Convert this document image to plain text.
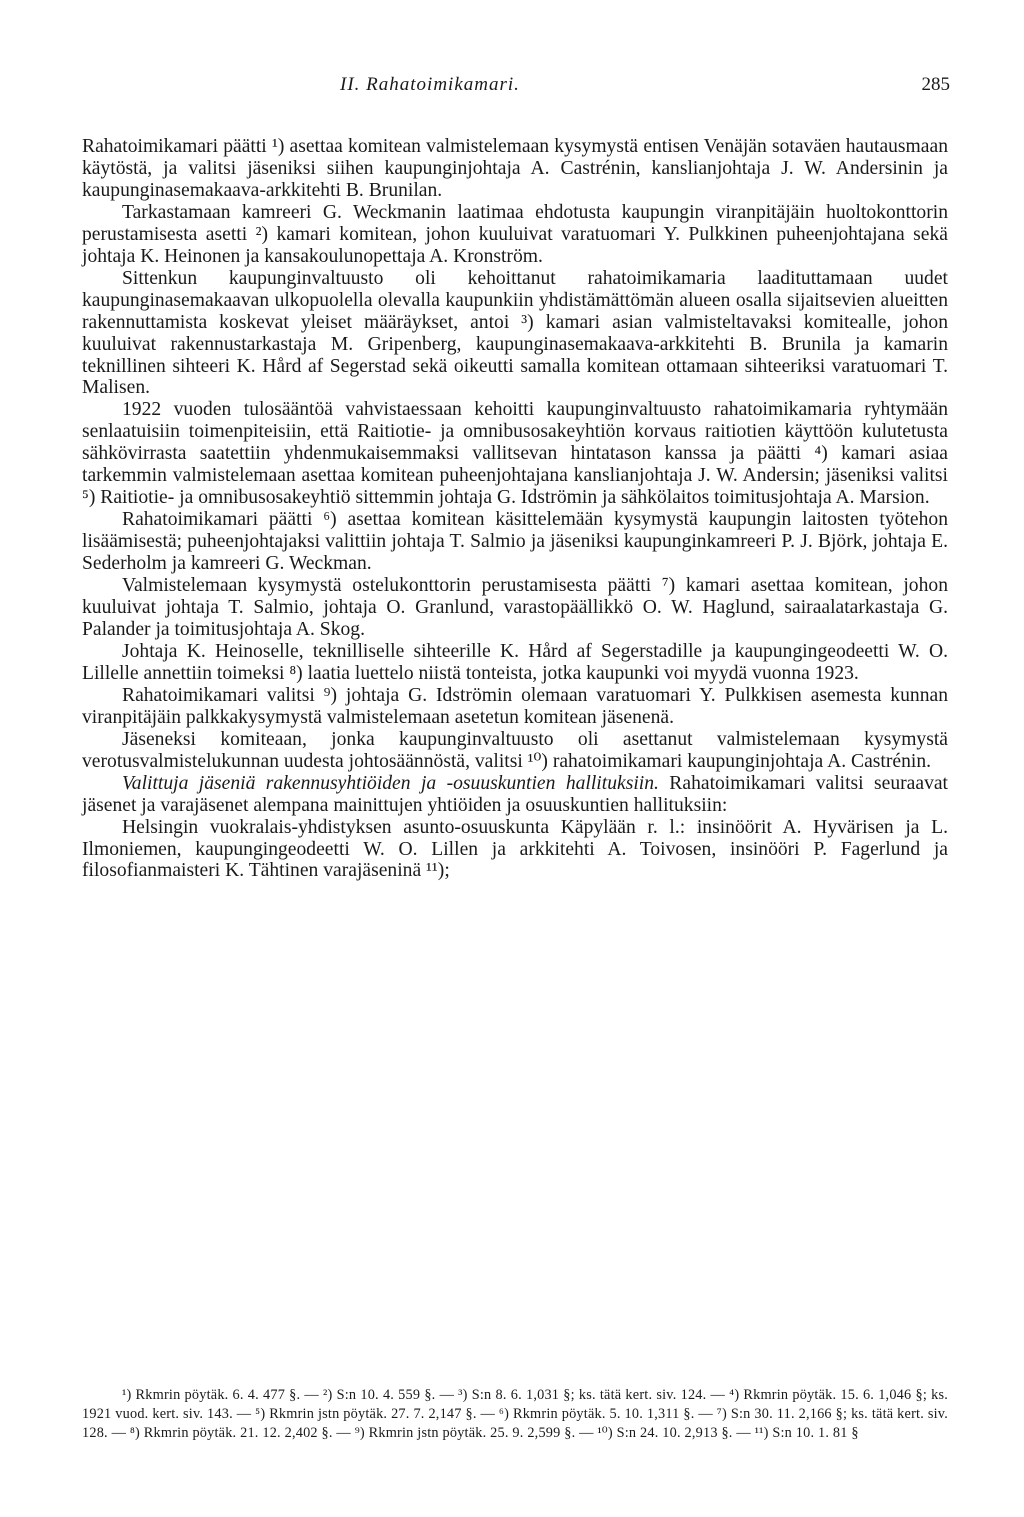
II. Rahatoimikamari.	285

Rahatoimikamari päätti ¹) asettaa komitean valmistelemaan kysymystä entisen Venäjän sotaväen hautausmaan käytöstä, ja valitsi jäseniksi siihen kaupunginjohtaja A. Castrénin, kanslianjohtaja J. W. Andersinin ja kaupunginasemakaava-arkkitehti B. Brunilan.

Tarkastamaan kamreeri G. Weckmanin laatimaa ehdotusta kaupungin viranpitäjäin huoltokonttorin perustamisesta asetti ²) kamari komitean, johon kuuluivat varatuomari Y. Pulkkinen puheenjohtajana sekä johtaja K. Heinonen ja kansakoulunopettaja A. Kronström.

Sittenkun kaupunginvaltuusto oli kehoittanut rahatoimikamaria laadituttamaan uudet kaupunginasemakaavan ulkopuolella olevalla kaupunkiin yhdistämättömän alueen osalla sijaitsevien alueitten rakennuttamista koskevat yleiset määräykset, antoi ³) kamari asian valmisteltavaksi komitealle, johon kuuluivat rakennustarkastaja M. Gripenberg, kaupunginasemakaava-arkkitehti B. Brunila ja kamarin teknillinen sihteeri K. Hård af Segerstad sekä oikeutti samalla komitean ottamaan sihteeriksi varatuomari T. Malisen.

1922 vuoden tulosääntöä vahvistaessaan kehoitti kaupunginvaltuusto rahatoimikamaria ryhtymään senlaatuisiin toimenpiteisiin, että Raitiotie- ja omnibusosakeyhtiön korvaus raitiotien käyttöön kulutetusta sähkövirrasta saatettiin yhdenmukaisemmaksi vallitsevan hintatason kanssa ja päätti ⁴) kamari asiaa tarkemmin valmistelemaan asettaa komitean puheenjohtajana kanslianjohtaja J. W. Andersin; jäseniksi valitsi ⁵) Raitiotie- ja omnibusosakeyhtiö sittemmin johtaja G. Idströmin ja sähkölaitos toimitusjohtaja A. Marsion.

Rahatoimikamari päätti ⁶) asettaa komitean käsittelemään kysymystä kaupungin laitosten työtehon lisäämisestä; puheenjohtajaksi valittiin johtaja T. Salmio ja jäseniksi kaupunginkamreeri P. J. Björk, johtaja E. Sederholm ja kamreeri G. Weckman.

Valmistelemaan kysymystä ostelukonttorin perustamisesta päätti ⁷) kamari asettaa komitean, johon kuuluivat johtaja T. Salmio, johtaja O. Granlund, varastopäällikkö O. W. Haglund, sairaalatarkastaja G. Palander ja toimitusjohtaja A. Skog.

Johtaja K. Heinoselle, teknilliselle sihteerille K. Hård af Segerstadille ja kaupungingeodeetti W. O. Lillelle annettiin toimeksi ⁸) laatia luettelo niistä tonteista, jotka kaupunki voi myydä vuonna 1923.

Rahatoimikamari valitsi ⁹) johtaja G. Idströmin olemaan varatuomari Y. Pulkkisen asemesta kunnan viranpitäjäin palkkakysymystä valmistelemaan asetetun komitean jäsenenä.

Jäseneksi komiteaan, jonka kaupunginvaltuusto oli asettanut valmistelemaan kysymystä verotusvalmistelukunnan uudesta johtosäännöstä, valitsi ¹⁰) rahatoimikamari kaupunginjohtaja A. Castrénin.

Valittuja jäseniä rakennusyhtiöiden ja -osuuskuntien hallituksiin. Rahatoimikamari valitsi seuraavat jäsenet ja varajäsenet alempana mainittujen yhtiöiden ja osuuskuntien hallituksiin:

Helsingin vuokralais-yhdistyksen asunto-osuuskunta Käpylään r. l.: insinöörit A. Hyvärisen ja L. Ilmoniemen, kaupungingeodeetti W. O. Lillen ja arkkitehti A. Toivosen, insinööri P. Fagerlund ja filosofianmaisteri K. Tähtinen varajäseninä ¹¹);

¹) Rkmrin pöytäk. 6. 4. 477 §. — ²) S:n 10. 4. 559 §. — ³) S:n 8. 6. 1,031 §; ks. tätä kert. siv. 124. — ⁴) Rkmrin pöytäk. 15. 6. 1,046 §; ks. 1921 vuod. kert. siv. 143. — ⁵) Rkmrin jstn pöytäk. 27. 7. 2,147 §. — ⁶) Rkmrin pöytäk. 5. 10. 1,311 §. — ⁷) S:n 30. 11. 2,166 §; ks. tätä kert. siv. 128. — ⁸) Rkmrin pöytäk. 21. 12. 2,402 §. — ⁹) Rkmrin jstn pöytäk. 25. 9. 2,599 §. — ¹⁰) S:n 24. 10. 2,913 §. — ¹¹) S:n 10. 1. 81 §
